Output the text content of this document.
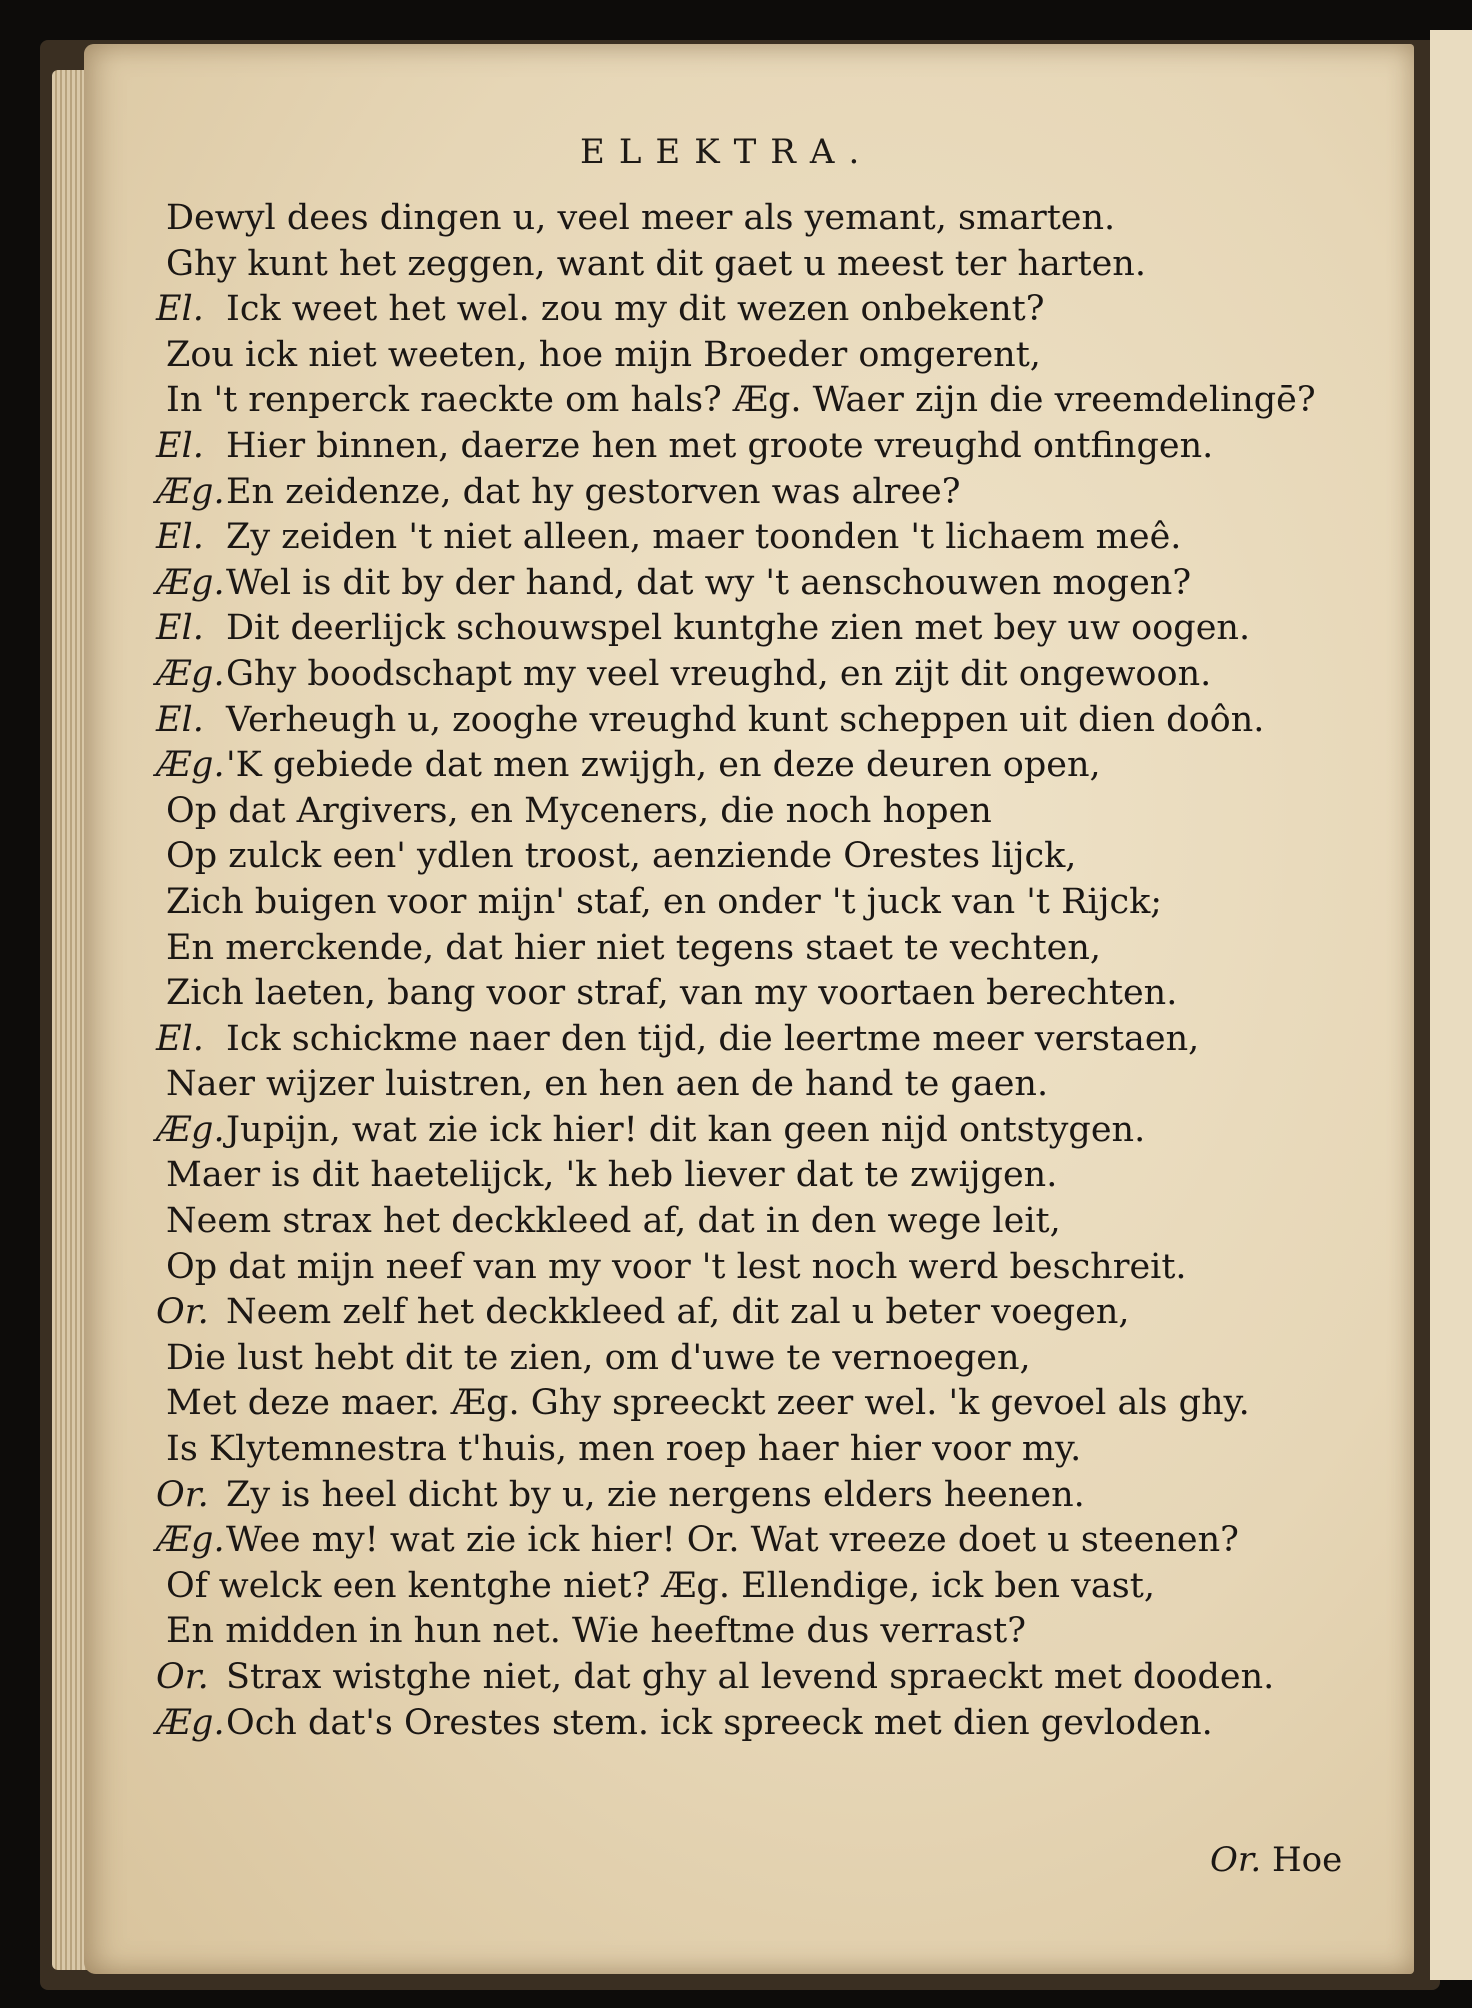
ELEKTRA.
Dewyl dees dingen u, veel meer als yemant, smarten.
Ghy kunt het zeggen, want dit gaet u meest ter harten.
El. Ick weet het wel. zou my dit wezen onbekent?
Zou ick niet weeten, hoe mijn Broeder omgerent,
In 't renperck raeckte om hals? Æg. Waer zijn die vreemdelingē?
El. Hier binnen, daerze hen met groote vreughd ontfingen.
Æg. En zeidenze, dat hy gestorven was alree?
El. Zy zeiden 't niet alleen, maer toonden 't lichaem meê.
Æg. Wel is dit by der hand, dat wy 't aenschouwen mogen?
El. Dit deerlijck schouwspel kuntghe zien met bey uw oogen.
Æg. Ghy boodschapt my veel vreughd, en zijt dit ongewoon.
El. Verheugh u, zooghe vreughd kunt scheppen uit dien doôn.
Æg. 'K gebiede dat men zwijgh, en deze deuren open,
Op dat Argivers, en Myceners, die noch hopen
Op zulck een' ydlen troost, aenziende Orestes lijck,
Zich buigen voor mijn' staf, en onder 't juck van 't Rijck;
En merckende, dat hier niet tegens staet te vechten,
Zich laeten, bang voor straf, van my voortaen berechten.
El. Ick schickme naer den tijd, die leertme meer verstaen,
Naer wijzer luistren, en hen aen de hand te gaen.
Æg. Jupijn, wat zie ick hier! dit kan geen nijd ontstygen.
Maer is dit haetelijck, 'k heb liever dat te zwijgen.
Neem strax het deckkleed af, dat in den wege leit,
Op dat mijn neef van my voor 't lest noch werd beschreit.
Or. Neem zelf het deckkleed af, dit zal u beter voegen,
Die lust hebt dit te zien, om d'uwe te vernoegen,
Met deze maer. Æg. Ghy spreeckt zeer wel. 'k gevoel als ghy.
Is Klytemnestra t'huis, men roep haer hier voor my.
Or. Zy is heel dicht by u, zie nergens elders heenen.
Æg. Wee my! wat zie ick hier! Or. Wat vreeze doet u steenen?
Of welck een kentghe niet? Æg. Ellendige, ick ben vast,
En midden in hun net. Wie heeftme dus verrast?
Or. Strax wistghe niet, dat ghy al levend spraeckt met dooden.
Æg. Och dat's Orestes stem. ick spreeck met dien gevloden.
Or. Hoe
